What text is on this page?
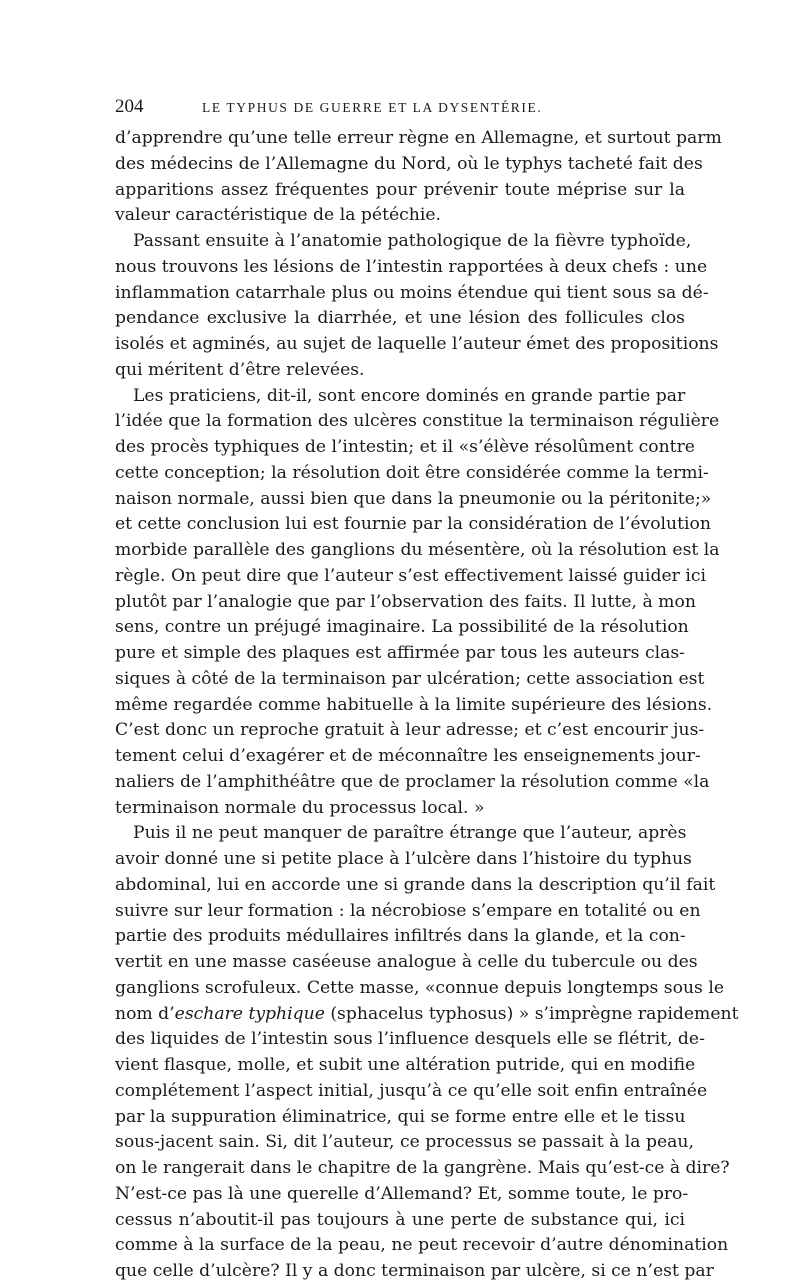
204	LE TYPHUS DE GUERRE ET LA DYSENTÉRIE.
d’apprendre qu’une telle erreur règne en Allemagne, et surtout parm
des médecins de l’Allemagne du Nord, où le typhys tacheté fait des
apparitions assez fréquentes pour prévenir toute méprise sur la
valeur caractéristique de la pétéchie.
Passant ensuite à l’anatomie pathologique de la fièvre typhoïde,
nous trouvons les lésions de l’intestin rapportées à deux chefs : une
inflammation catarrhale plus ou moins étendue qui tient sous sa dé-
pendance exclusive la diarrhée, et une lésion des follicules clos
isolés et agminés, au sujet de laquelle l’auteur émet des propositions
qui méritent d’être relevées.
Les praticiens, dit-il, sont encore dominés en grande partie par
l’idée que la formation des ulcères constitue la terminaison régulière
des procès typhiques de l’intestin; et il «s’élève résolûment contre
cette conception; la résolution doit être considérée comme la termi-
naison normale, aussi bien que dans la pneumonie ou la péritonite;»
et cette conclusion lui est fournie par la considération de l’évolution
morbide parallèle des ganglions du mésentère, où la résolution est la
règle. On peut dire que l’auteur s’est effectivement laissé guider ici
plutôt par l’analogie que par l’observation des faits. Il lutte, à mon
sens, contre un préjugé imaginaire. La possibilité de la résolution
pure et simple des plaques est affirmée par tous les auteurs clas-
siques à côté de la terminaison par ulcération; cette association est
même regardée comme habituelle à la limite supérieure des lésions.
C’est donc un reproche gratuit à leur adresse; et c’est encourir jus-
tement celui d’exagérer et de méconnaître les enseignements jour-
naliers de l’amphithéâtre que de proclamer la résolution comme «la
terminaison normale du processus local. »
Puis il ne peut manquer de paraître étrange que l’auteur, après
avoir donné une si petite place à l’ulcère dans l’histoire du typhus
abdominal, lui en accorde une si grande dans la description qu’il fait
suivre sur leur formation : la nécrobiose s’empare en totalité ou en
partie des produits médullaires infiltrés dans la glande, et la con-
vertit en une masse caséeuse analogue à celle du tubercule ou des
ganglions scrofuleux. Cette masse, «connue depuis longtemps sous le
nom d’eschare typhique (sphacelus typhosus) » s’imprègne rapidement
des liquides de l’intestin sous l’influence desquels elle se flétrit, de-
vient flasque, molle, et subit une altération putride, qui en modifie
complétement l’aspect initial, jusqu’à ce qu’elle soit enfin entraînée
par la suppuration éliminatrice, qui se forme entre elle et le tissu
sous-jacent sain. Si, dit l’auteur, ce processus se passait à la peau,
on le rangerait dans le chapitre de la gangrène. Mais qu’est-ce à dire?
N’est-ce pas là une querelle d’Allemand? Et, somme toute, le pro-
cessus n’aboutit-il pas toujours à une perte de substance qui, ici
comme à la surface de la peau, ne peut recevoir d’autre dénomination
que celle d’ulcère? Il y a donc terminaison par ulcère, si ce n’est par
